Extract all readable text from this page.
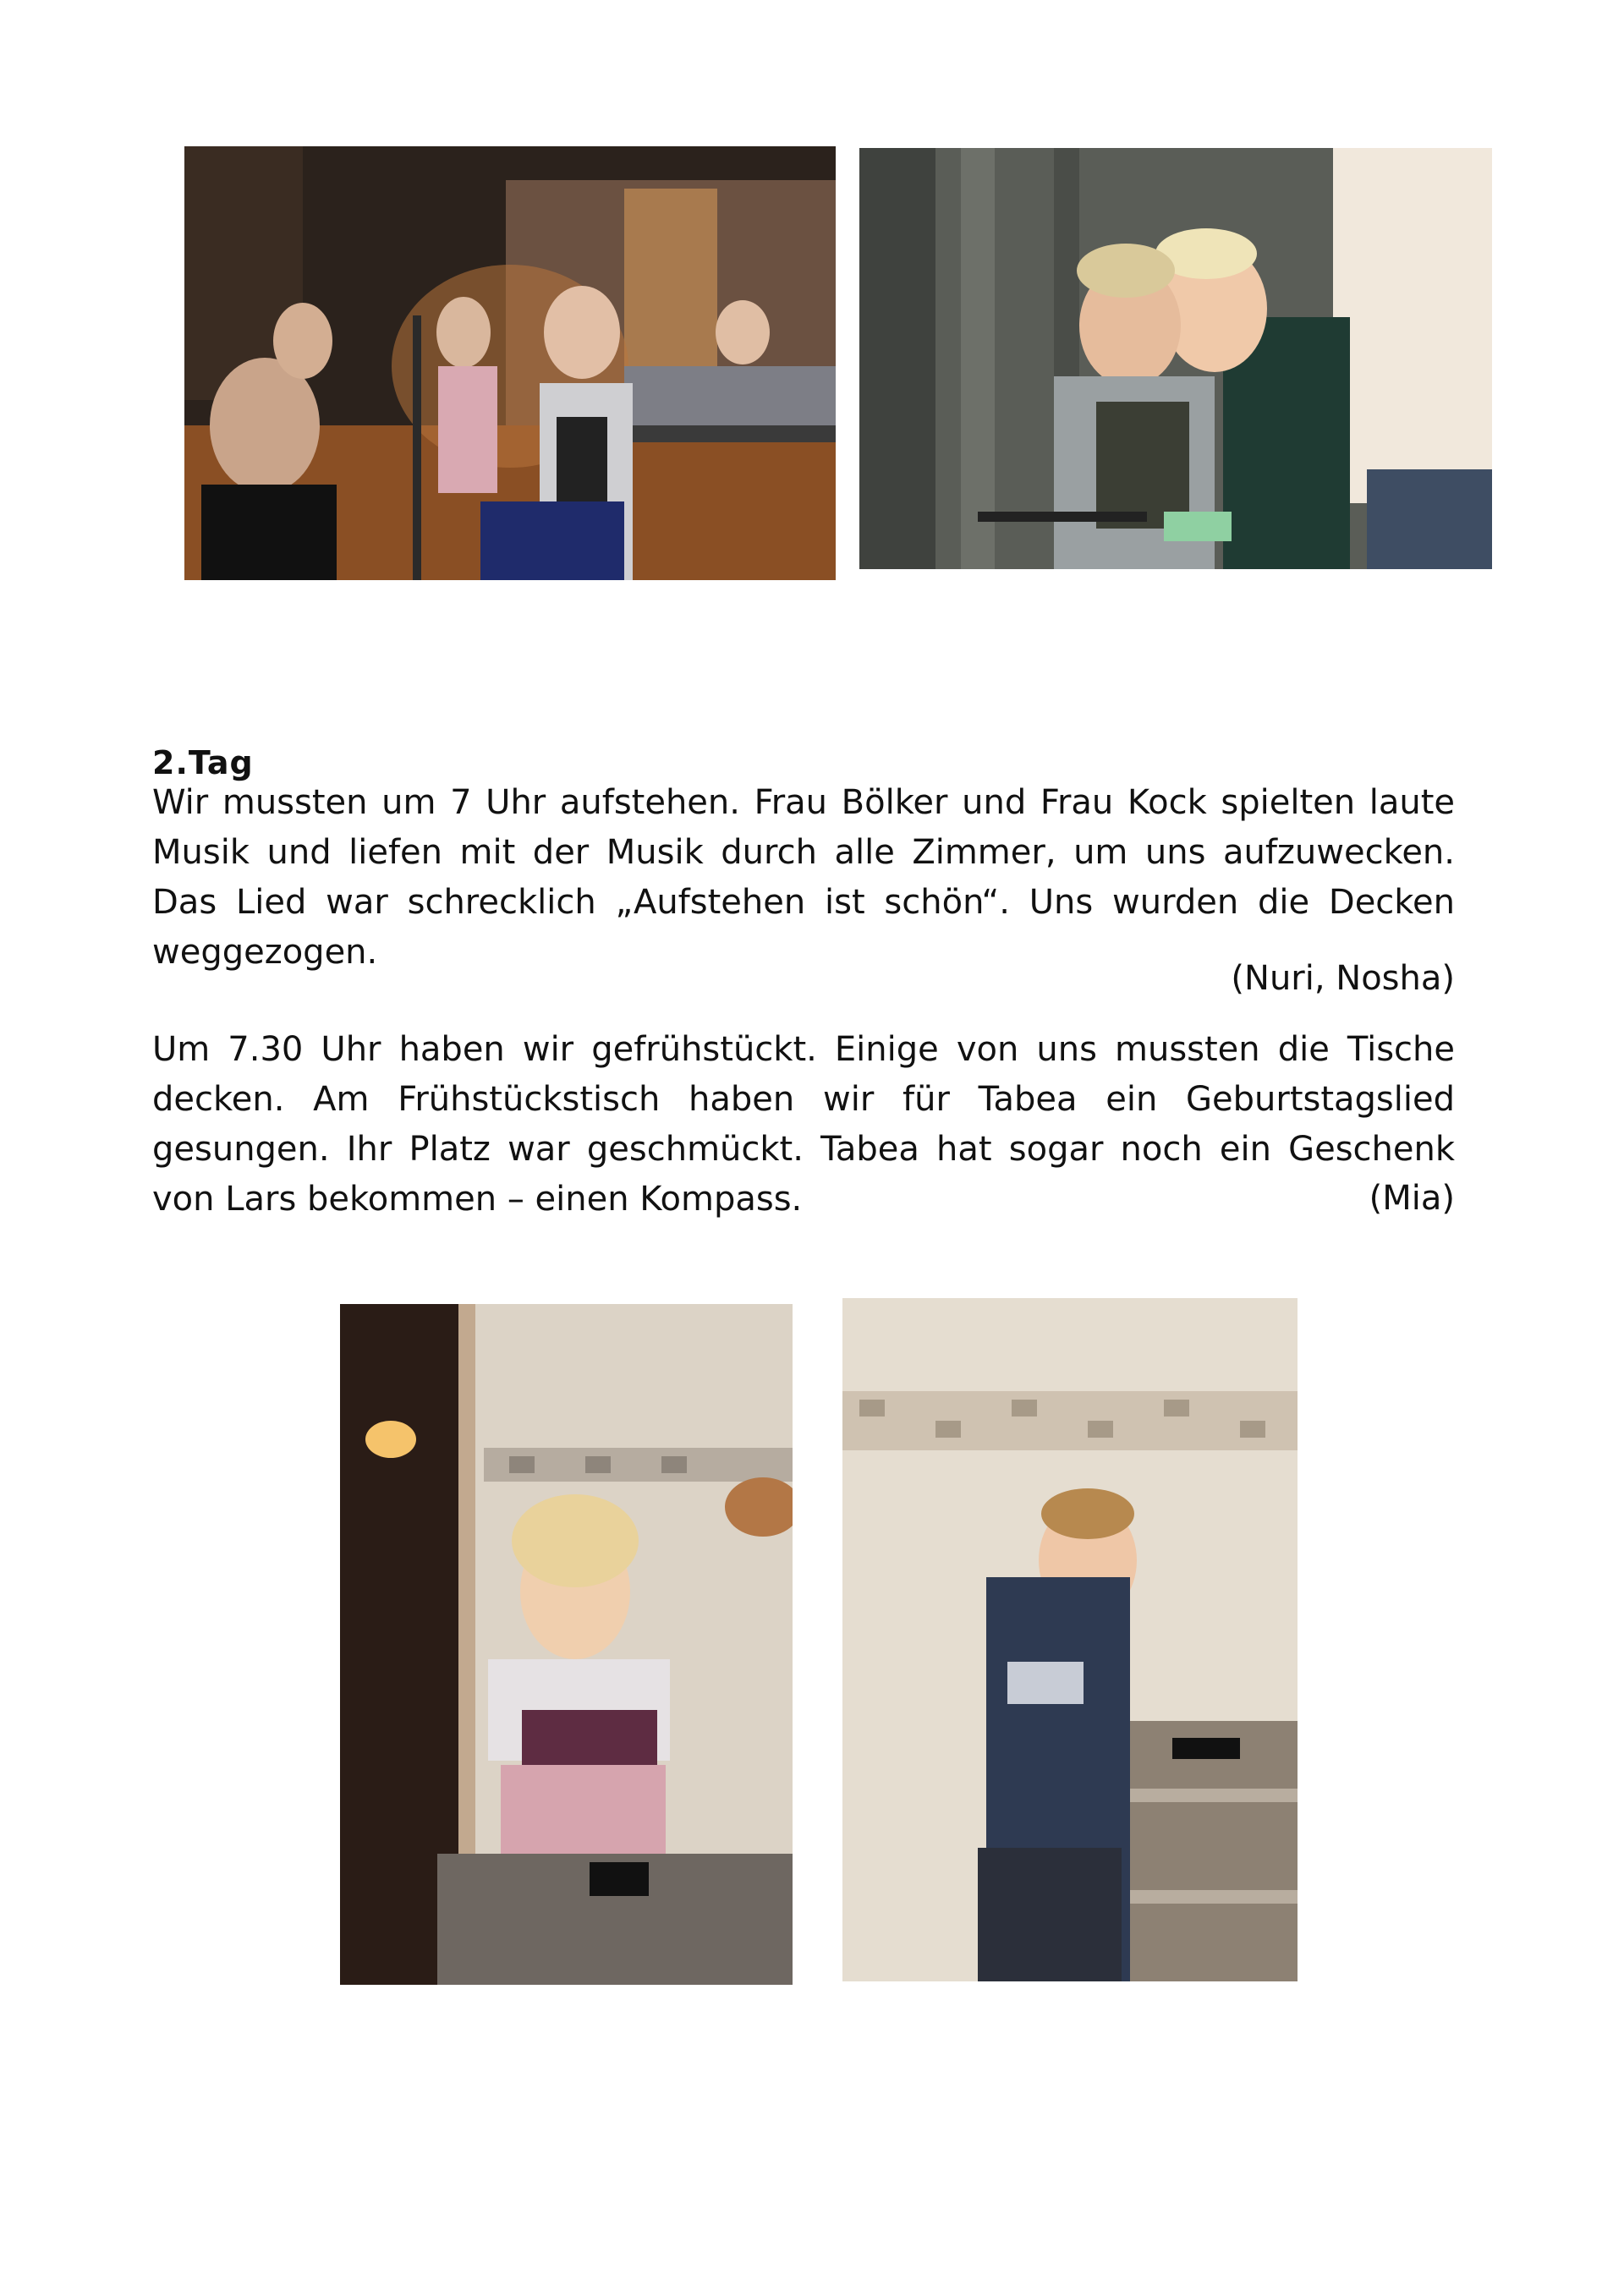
2.Tag

Wir mussten um 7 Uhr aufstehen. Frau Bölker und Frau Kock spielten laute Musik und liefen mit der Musik durch alle Zimmer, um uns aufzuwecken. Das Lied war schrecklich „Aufstehen ist schön“. Uns wurden die Decken weggezogen.

(Nuri, Nosha)

Um 7.30 Uhr haben wir gefrühstückt. Einige von uns mussten die Tische decken. Am Frühstückstisch haben wir für Tabea ein Geburtstagslied gesungen. Ihr Platz war geschmückt. Tabea hat sogar noch ein Geschenk von Lars bekommen – einen Kompass.	(Mia)
